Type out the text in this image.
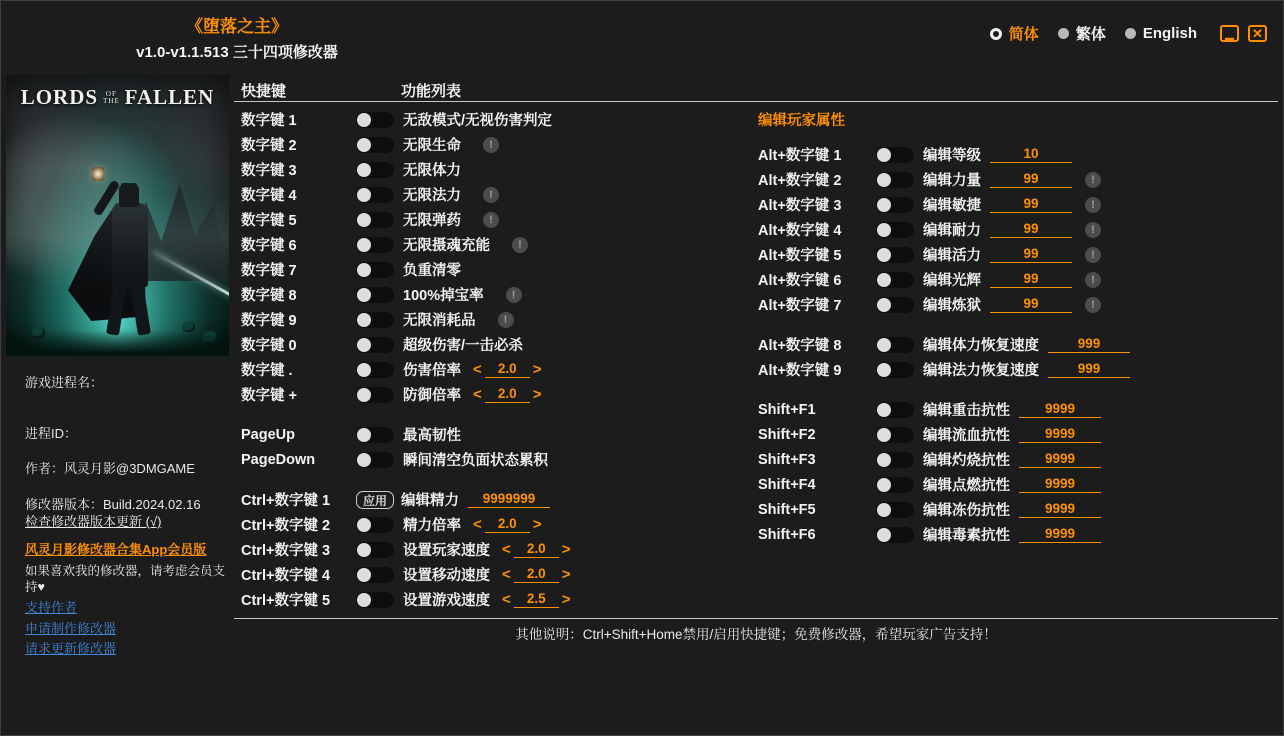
《堕落之主》
v1.0-v1.1.513 三十四项修改器
简体 繁体 English	▁ ✕
LORDS OF
THE FALLEN
游戏进程名：
进程ID：
作者：风灵月影@3DMGAME
修改器版本：Build.2024.02.16
检查修改器版本更新 (√)
风灵月影修改器合集App会员版
如果喜欢我的修改器，请考虑会员支持♥
支持作者
申请制作修改器
请求更新修改器
快捷键	功能列表
数字键 1	无敌模式/无视伤害判定
数字键 2	无限生命	!
数字键 3	无限体力
数字键 4	无限法力	!
数字键 5	无限弹药	!
数字键 6	无限摄魂充能	!
数字键 7	负重清零
数字键 8	100%掉宝率	!
数字键 9	无限消耗品	!
数字键 0	超级伤害/一击必杀
数字键 .	伤害倍率 <	2.0	>
数字键 +	防御倍率 <	2.0	>
PageUp	最高韧性
PageDown	瞬间清空负面状态累积
Ctrl+数字键 1	应用 编辑精力	9999999
Ctrl+数字键 2	精力倍率 <	2.0	>
Ctrl+数字键 3	设置玩家速度 <	2.0	>
Ctrl+数字键 4	设置移动速度 <	2.0	>
Ctrl+数字键 5	设置游戏速度 <	2.5	>
编辑玩家属性
Alt+数字键 1	编辑等级	10
Alt+数字键 2	编辑力量	99	!
Alt+数字键 3	编辑敏捷	99	!
Alt+数字键 4	编辑耐力	99	!
Alt+数字键 5	编辑活力	99	!
Alt+数字键 6	编辑光辉	99	!
Alt+数字键 7	编辑炼狱	99	!
Alt+数字键 8	编辑体力恢复速度	999
Alt+数字键 9	编辑法力恢复速度	999
Shift+F1	编辑重击抗性	9999
Shift+F2	编辑流血抗性	9999
Shift+F3	编辑灼烧抗性	9999
Shift+F4	编辑点燃抗性	9999
Shift+F5	编辑冻伤抗性	9999
Shift+F6	编辑毒素抗性	9999
其他说明：Ctrl+Shift+Home禁用/启用快捷键；免费修改器，希望玩家广告支持！
